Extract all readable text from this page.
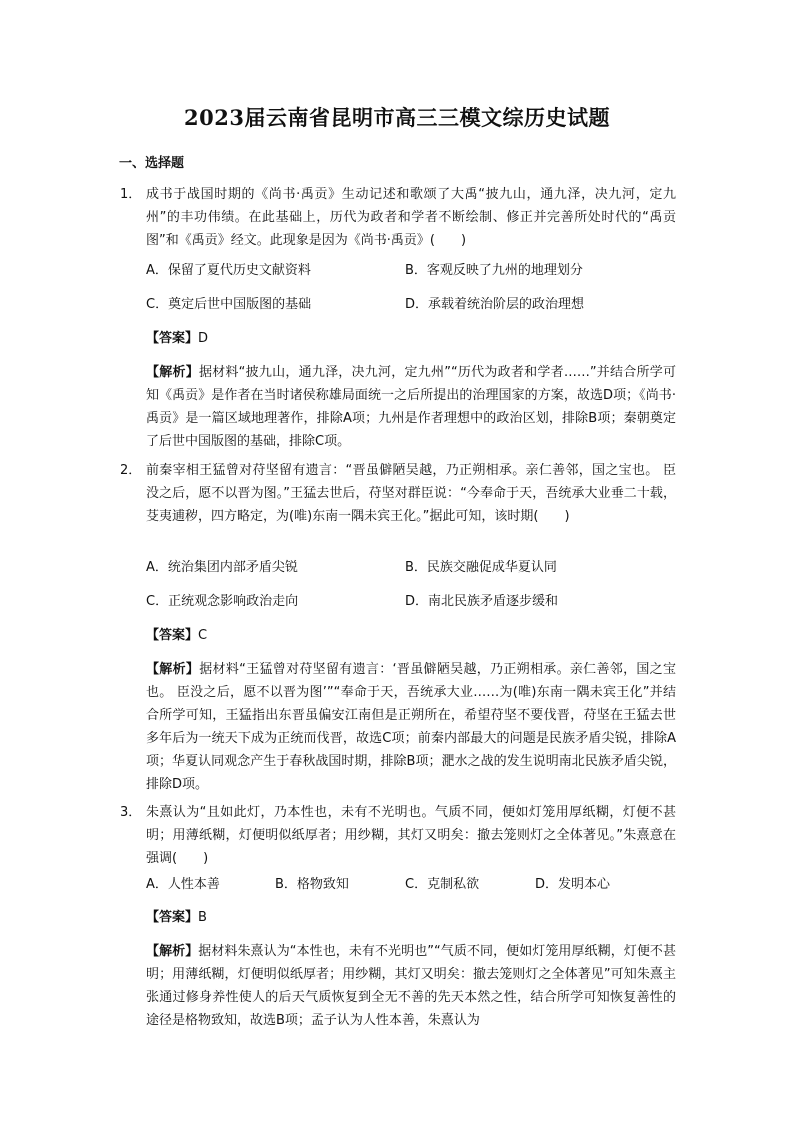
2023届云南省昆明市高三三模文综历史试题
一、选择题
1． 成书于战国时期的《尚书·禹贡》生动记述和歌颂了大禹“披九山，通九泽，决九河，定九州”的丰功伟绩。在此基础上，历代为政者和学者不断绘制、修正并完善所处时代的“禹贡图”和《禹贡》经文。此现象是因为《尚书·禹贡》(　　)
A．保留了夏代历史文献资料	B．客观反映了九州的地理划分
C．奠定后世中国版图的基础	D．承载着统治阶层的政治理想
【答案】D
【解析】据材料“披九山，通九泽，决九河，定九州”“历代为政者和学者……”并结合所学可知《禹贡》是作者在当时诸侯称雄局面统一之后所提出的治理国家的方案，故选D项；《尚书·禹贡》是一篇区域地理著作，排除A项；九州是作者理想中的政治区划，排除B项；秦朝奠定了后世中国版图的基础，排除C项。
2． 前秦宰相王猛曾对苻坚留有遗言：“晋虽僻陋吴越，乃正朔相承。亲仁善邻，国之宝也。 臣没之后，愿不以晋为图。”王猛去世后，苻坚对群臣说：“今奉命于天，吾统承大业垂二十载，芟夷逋秽，四方略定，为(唯)东南一隅未宾王化。”据此可知，该时期(　　)
A．统治集团内部矛盾尖锐	B．民族交融促成华夏认同
C．正统观念影响政治走向	D．南北民族矛盾逐步缓和
【答案】C
【解析】据材料“王猛曾对苻坚留有遗言：‘晋虽僻陋吴越，乃正朔相承。亲仁善邻，国之宝也。 臣没之后，愿不以晋为图’”“奉命于天，吾统承大业……为(唯)东南一隅未宾王化”并结合所学可知，王猛指出东晋虽偏安江南但是正朔所在，希望苻坚不要伐晋，苻坚在王猛去世多年后为一统天下成为正统而伐晋，故选C项；前秦内部最大的问题是民族矛盾尖锐，排除A项；华夏认同观念产生于春秋战国时期，排除B项；淝水之战的发生说明南北民族矛盾尖锐，排除D项。
3． 朱熹认为“且如此灯，乃本性也，未有不光明也。气质不同，便如灯笼用厚纸糊，灯便不甚明；用薄纸糊，灯便明似纸厚者；用纱糊，其灯又明矣：撤去笼则灯之全体著见。”朱熹意在强调(　　)
A．人性本善	B．格物致知	C．克制私欲	D．发明本心
【答案】B
【解析】据材料朱熹认为“本性也，未有不光明也”“气质不同，便如灯笼用厚纸糊，灯便不甚明；用薄纸糊，灯便明似纸厚者；用纱糊，其灯又明矣：撤去笼则灯之全体著见”可知朱熹主张通过修身养性使人的后天气质恢复到全无不善的先天本然之性，结合所学可知恢复善性的途径是格物致知，故选B项；孟子认为人性本善，朱熹认为
